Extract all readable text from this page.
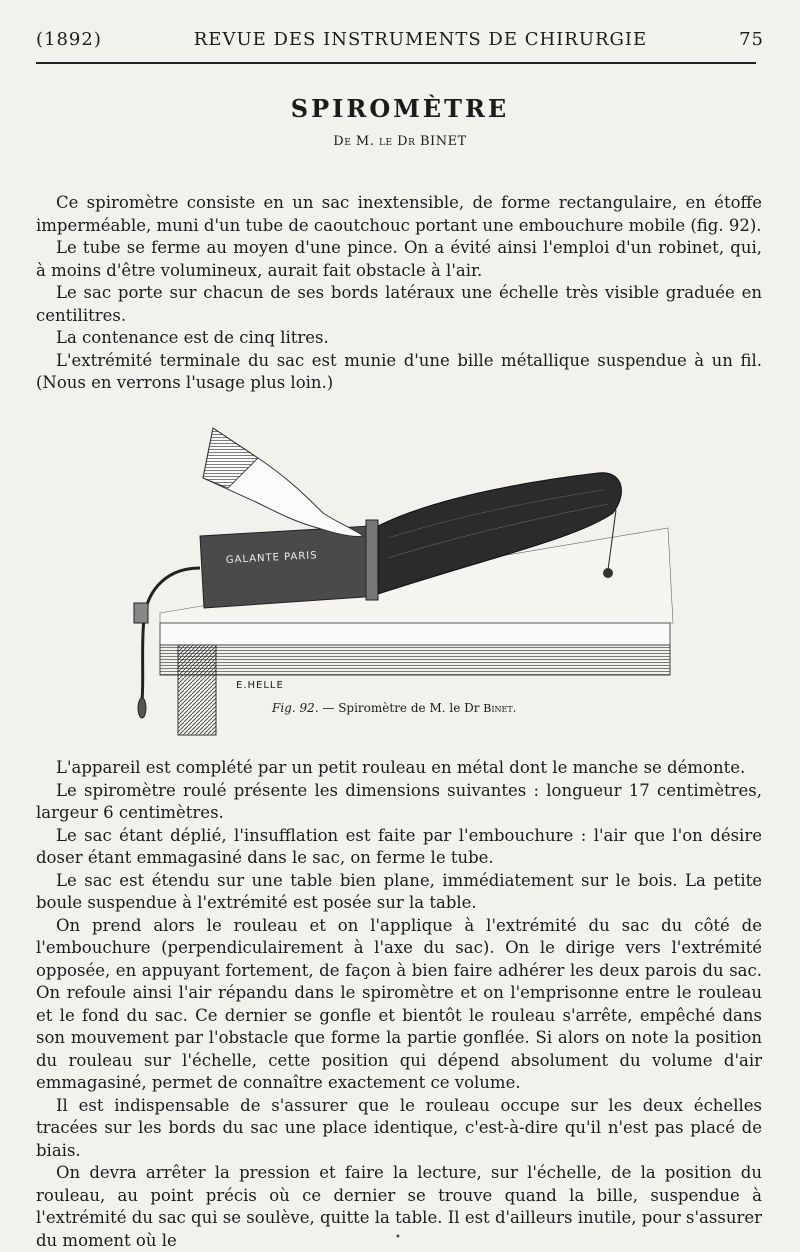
(1892)	REVUE DES INSTRUMENTS DE CHIRURGIE	75
SPIROMÈTRE
De M. le Dr BINET

Ce spiromètre consiste en un sac inextensible, de forme rectangulaire, en étoffe imperméable, muni d'un tube de caoutchouc portant une embouchure mobile (fig. 92).

Le tube se ferme au moyen d'une pince. On a évité ainsi l'emploi d'un robinet, qui, à moins d'être volumineux, aurait fait obstacle à l'air.

Le sac porte sur chacun de ses bords latéraux une échelle très visible graduée en centilitres.

La contenance est de cinq litres.

L'extrémité terminale du sac est munie d'une bille métallique suspendue à un fil. (Nous en verrons l'usage plus loin.)

GALANTE PARIS
E.HELLE
Fig. 92. — Spiromètre de M. le Dr Binet.

L'appareil est complété par un petit rouleau en métal dont le manche se démonte.

Le spiromètre roulé présente les dimensions suivantes : longueur 17 centimètres, largeur 6 centimètres.

Le sac étant déplié, l'insufflation est faite par l'embouchure : l'air que l'on désire doser étant emmagasiné dans le sac, on ferme le tube.

Le sac est étendu sur une table bien plane, immédiatement sur le bois. La petite boule suspendue à l'extrémité est posée sur la table.

On prend alors le rouleau et on l'applique à l'extrémité du sac du côté de l'embouchure (perpendiculairement à l'axe du sac). On le dirige vers l'extrémité opposée, en appuyant fortement, de façon à bien faire adhérer les deux parois du sac. On refoule ainsi l'air répandu dans le spiromètre et on l'emprisonne entre le rouleau et le fond du sac. Ce dernier se gonfle et bientôt le rouleau s'arrête, empêché dans son mouvement par l'obstacle que forme la partie gonflée. Si alors on note la position du rouleau sur l'échelle, cette position qui dépend absolument du volume d'air emmagasiné, permet de connaître exactement ce volume.

Il est indispensable de s'assurer que le rouleau occupe sur les deux échelles tracées sur les bords du sac une place identique, c'est-à-dire qu'il n'est pas placé de biais.

On devra arrêter la pression et faire la lecture, sur l'échelle, de la position du rouleau, au point précis où ce dernier se trouve quand la bille, suspendue à l'extrémité du sac qui se soulève, quitte la table. Il est d'ailleurs inutile, pour s'assurer du moment où le	•
